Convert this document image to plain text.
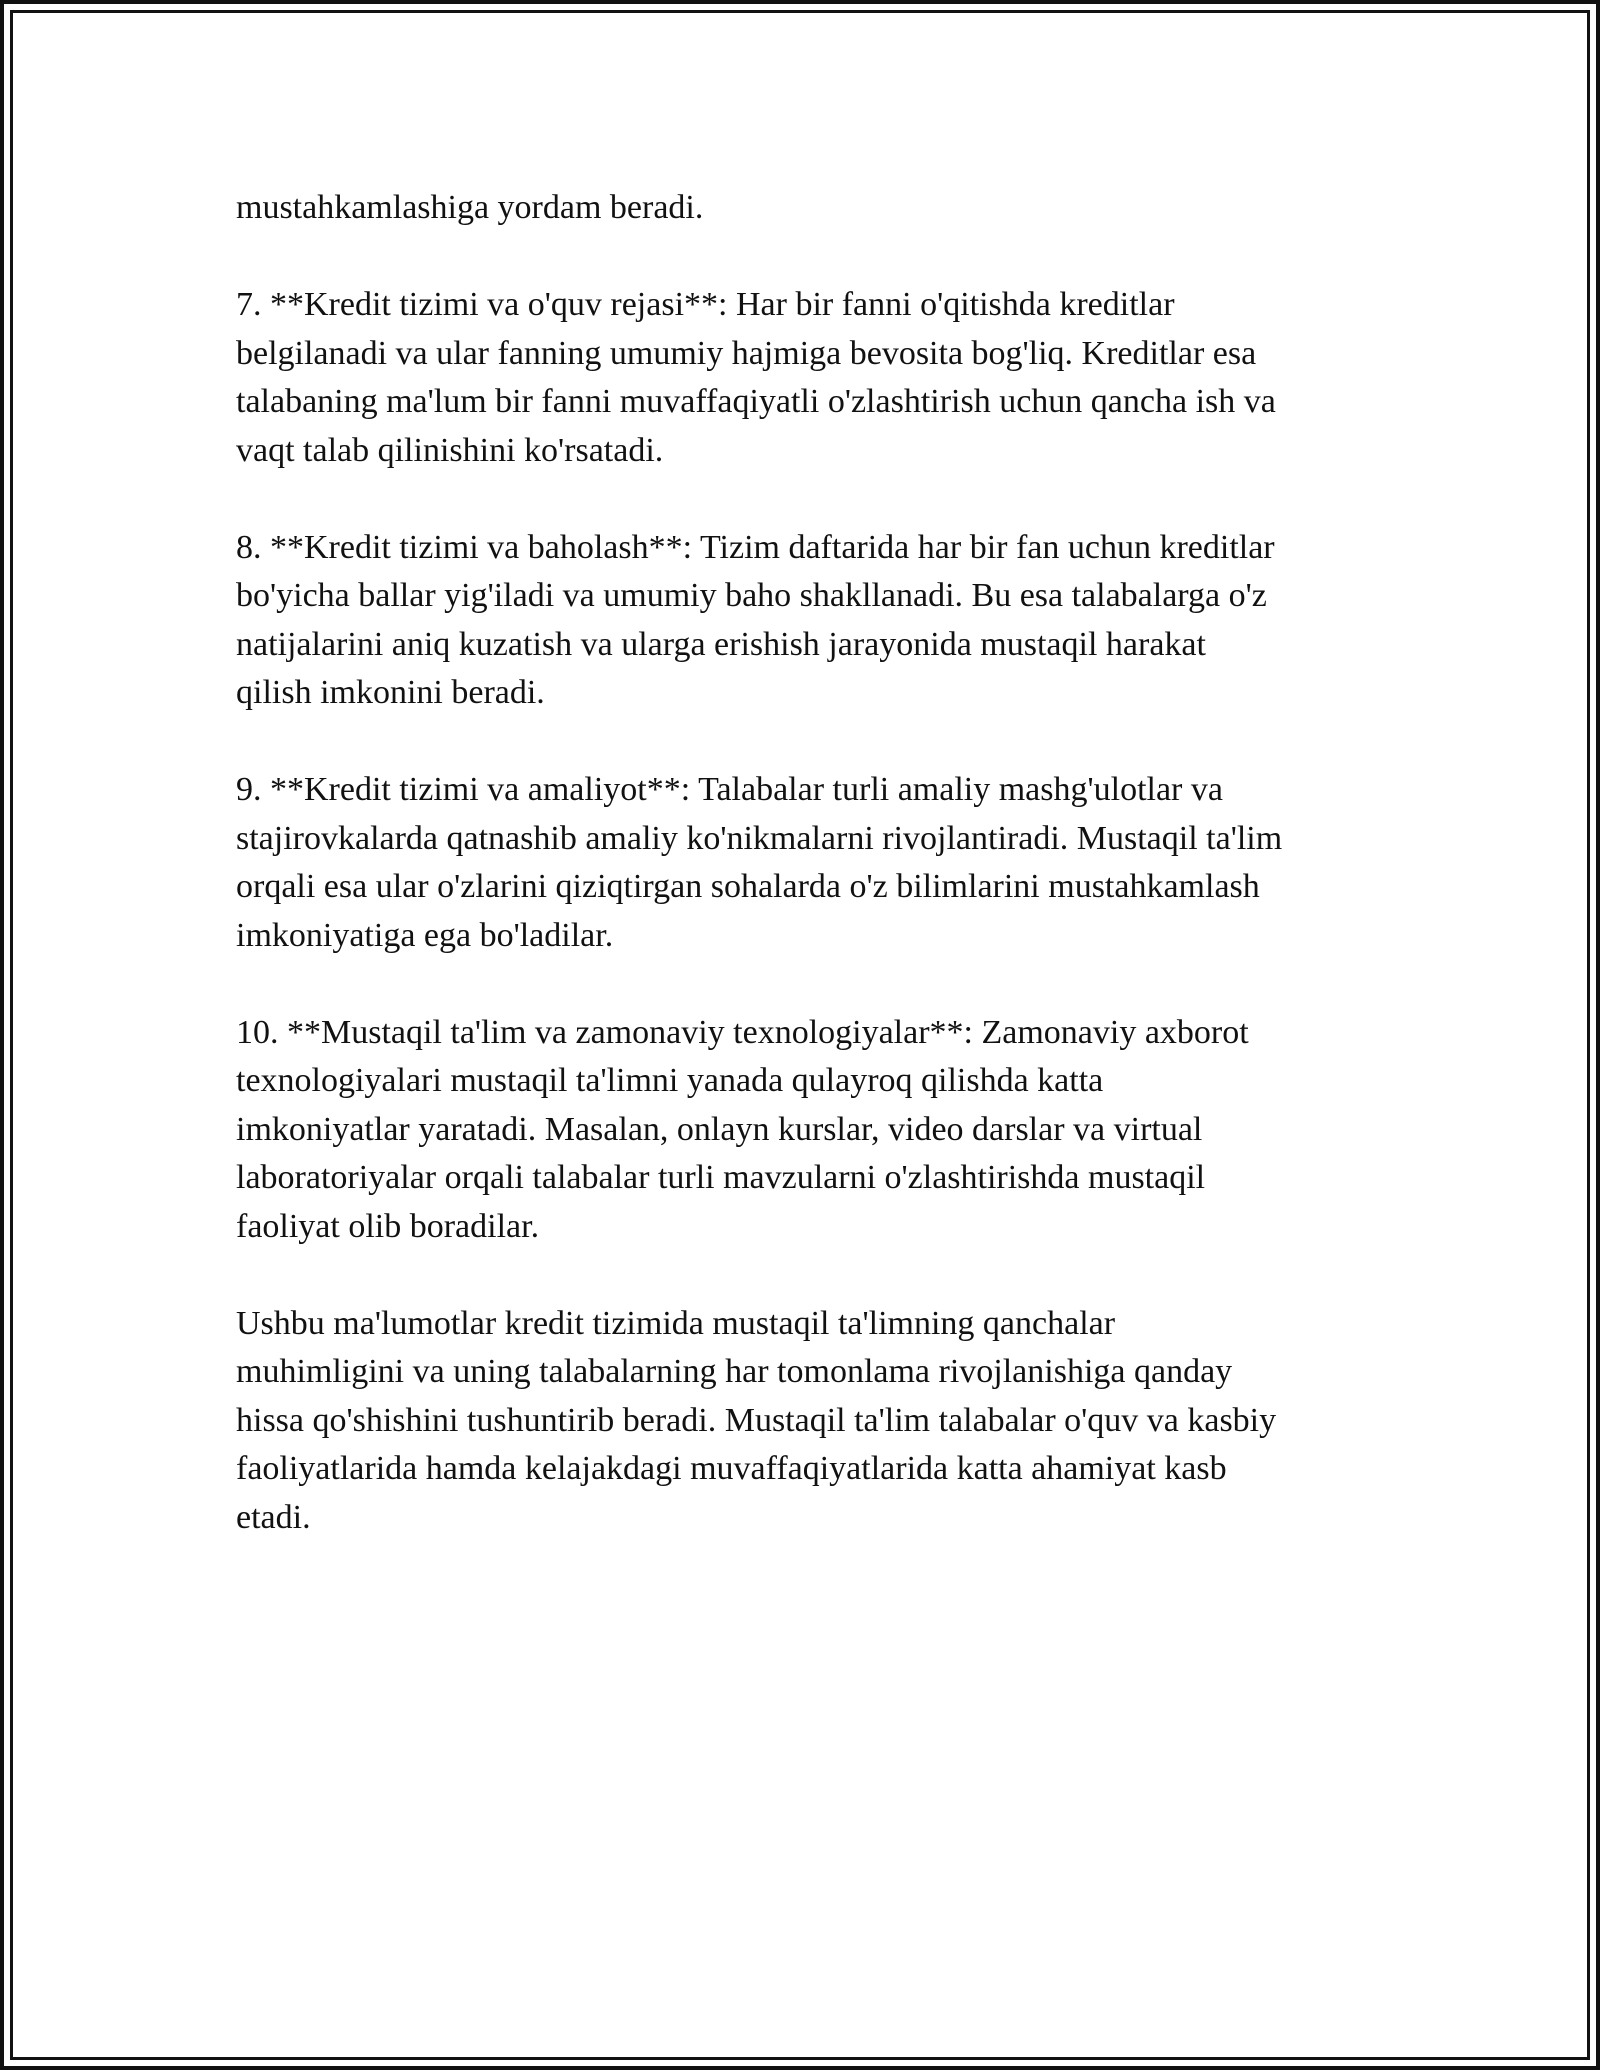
mustahkamlashiga yordam beradi.

7. **Kredit tizimi va o'quv rejasi**: Har bir fanni o'qitishda kreditlar
belgilanadi va ular fanning umumiy hajmiga bevosita bog'liq. Kreditlar esa
talabaning ma'lum bir fanni muvaffaqiyatli o'zlashtirish uchun qancha ish va
vaqt talab qilinishini ko'rsatadi.

8. **Kredit tizimi va baholash**: Tizim daftarida har bir fan uchun kreditlar
bo'yicha ballar yig'iladi va umumiy baho shakllanadi. Bu esa talabalarga o'z
natijalarini aniq kuzatish va ularga erishish jarayonida mustaqil harakat
qilish imkonini beradi.

9. **Kredit tizimi va amaliyot**: Talabalar turli amaliy mashg'ulotlar va
stajirovkalarda qatnashib amaliy ko'nikmalarni rivojlantiradi. Mustaqil ta'lim
orqali esa ular o'zlarini qiziqtirgan sohalarda o'z bilimlarini mustahkamlash
imkoniyatiga ega bo'ladilar.

10. **Mustaqil ta'lim va zamonaviy texnologiyalar**: Zamonaviy axborot
texnologiyalari mustaqil ta'limni yanada qulayroq qilishda katta
imkoniyatlar yaratadi. Masalan, onlayn kurslar, video darslar va virtual
laboratoriyalar orqali talabalar turli mavzularni o'zlashtirishda mustaqil
faoliyat olib boradilar.

Ushbu ma'lumotlar kredit tizimida mustaqil ta'limning qanchalar
muhimligini va uning talabalarning har tomonlama rivojlanishiga qanday
hissa qo'shishini tushuntirib beradi. Mustaqil ta'lim talabalar o'quv va kasbiy
faoliyatlarida hamda kelajakdagi muvaffaqiyatlarida katta ahamiyat kasb
etadi.
